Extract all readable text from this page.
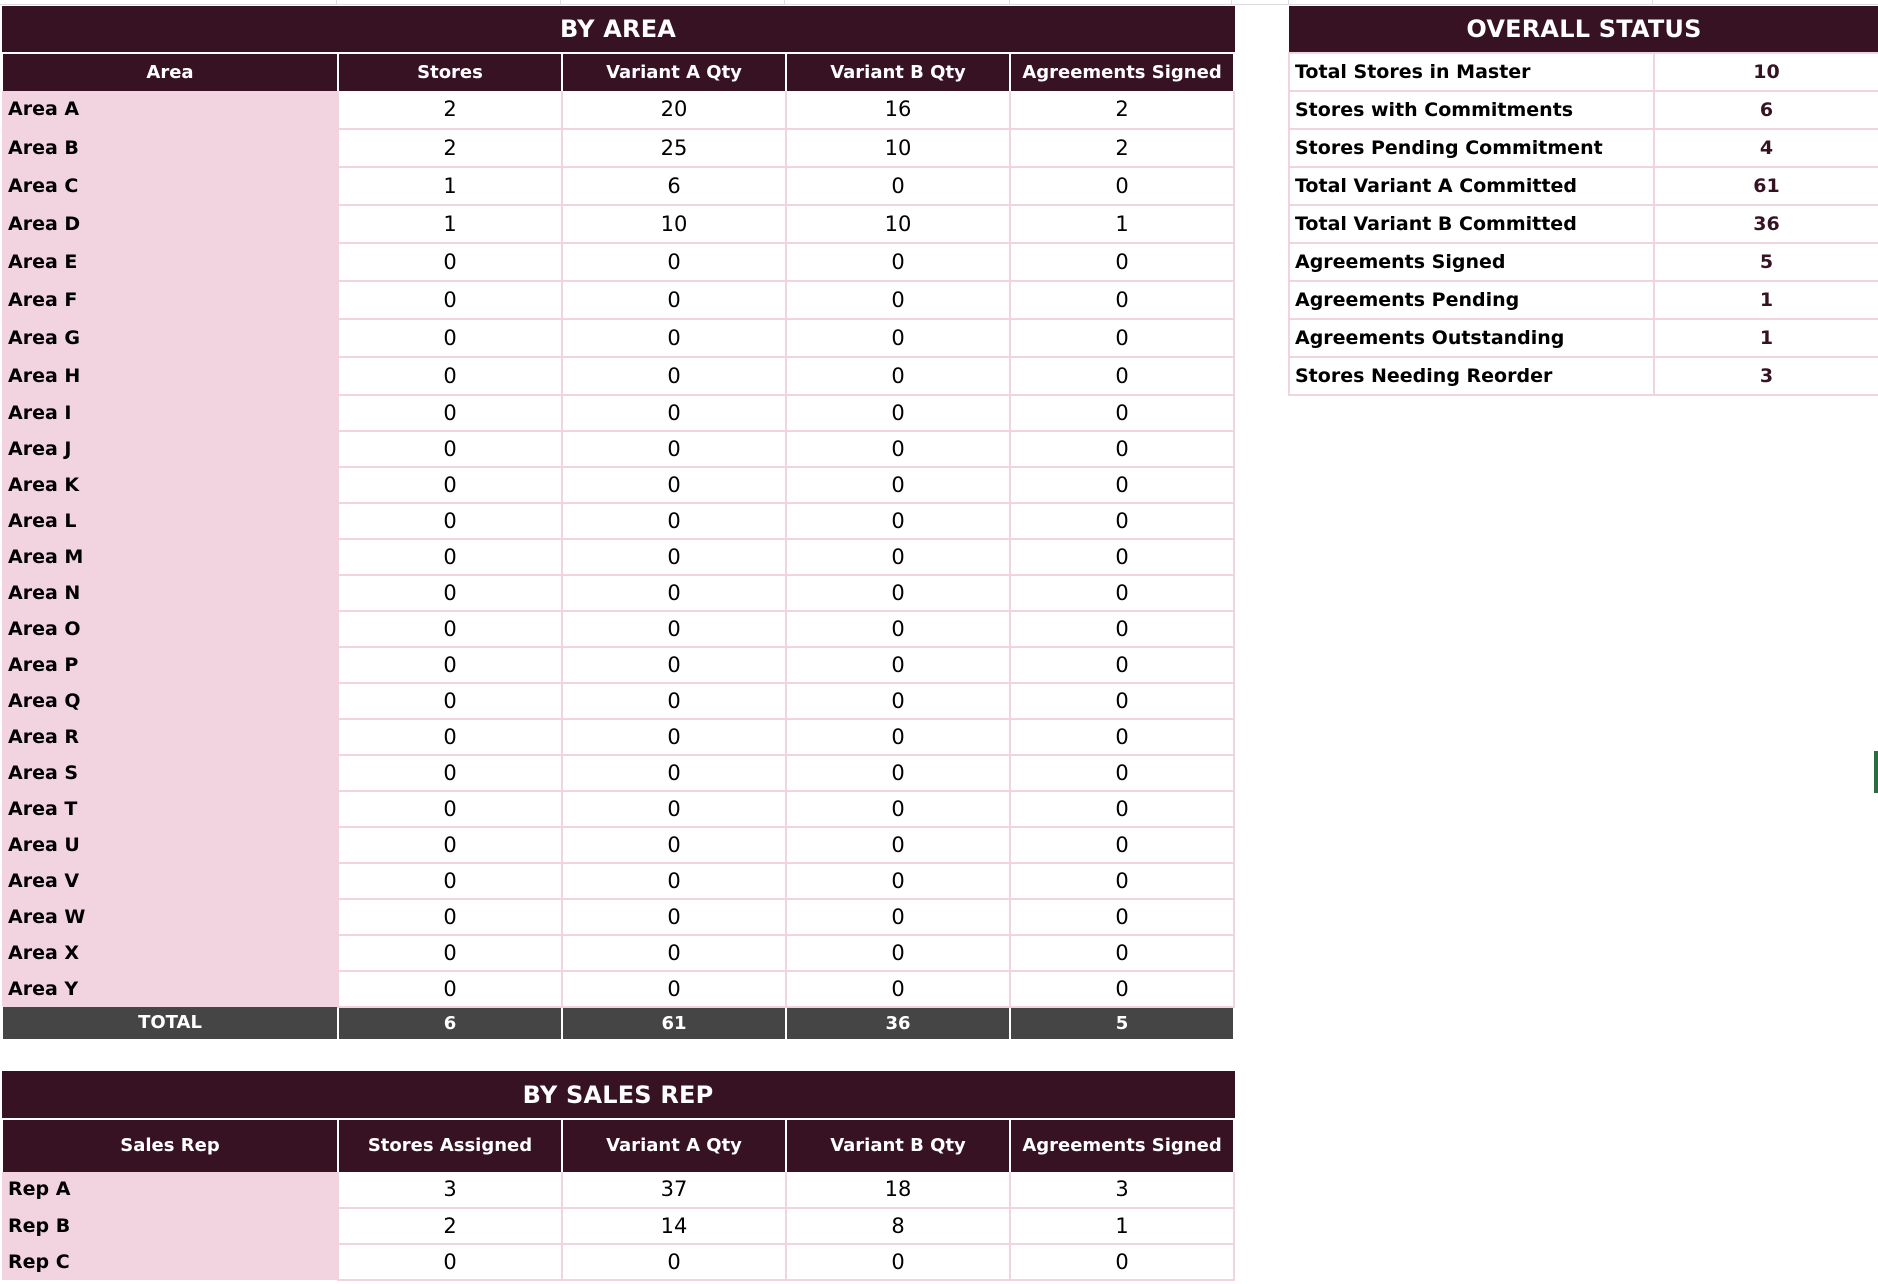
BY AREA				
Area	Stores	Variant A Qty	Variant B Qty	Agreements Signed
Area A	2	20	16	2
Area B	2	25	10	2
Area C	1	6	0	0
Area D	1	10	10	1
Area E	0	0	0	0
Area F	0	0	0	0
Area G	0	0	0	0
Area H	0	0	0	0
Area I	0	0	0	0
Area J	0	0	0	0
Area K	0	0	0	0
Area L	0	0	0	0
Area M	0	0	0	0
Area N	0	0	0	0
Area O	0	0	0	0
Area P	0	0	0	0
Area Q	0	0	0	0
Area R	0	0	0	0
Area S	0	0	0	0
Area T	0	0	0	0
Area U	0	0	0	0
Area V	0	0	0	0
Area W	0	0	0	0
Area X	0	0	0	0
Area Y	0	0	0	0
TOTAL	6	61	36	5
BY SALES REP				
Sales Rep	Stores Assigned	Variant A Qty	Variant B Qty	Agreements Signed
Rep A	3	37	18	3
Rep B	2	14	8	1
Rep C	0	0	0	0
OVERALL STATUS	
Total Stores in Master	10
Stores with Commitments	6
Stores Pending Commitment	4
Total Variant A Committed	61
Total Variant B Committed	36
Agreements Signed	5
Agreements Pending	1
Agreements Outstanding	1
Stores Needing Reorder	3
